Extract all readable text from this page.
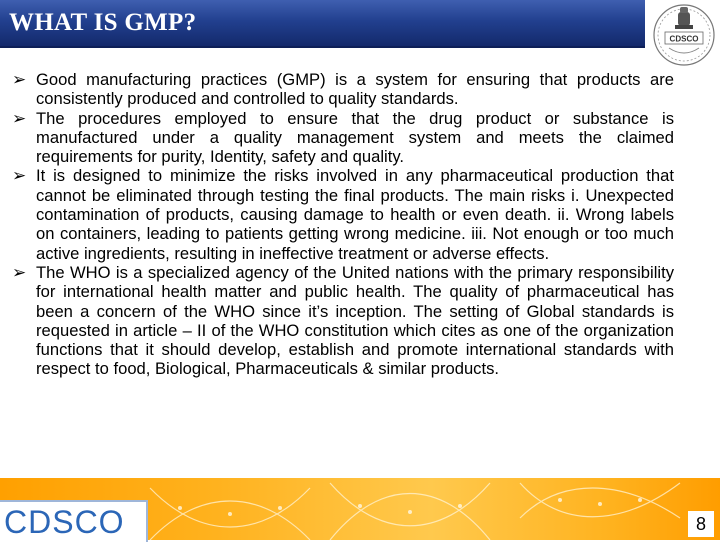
WHAT IS GMP?
CDSCO
➢ Good manufacturing practices (GMP) is a system for ensuring that products are consistently produced and controlled to quality standards.
➢ The procedures employed to ensure that the drug product or substance is manufactured under a quality management system and meets the claimed requirements for purity, Identity, safety and quality.
➢ It is designed to minimize the risks involved in any pharmaceutical production that cannot be eliminated through testing the final products. The main risks i. Unexpected contamination of products, causing damage to health or even death. ii. Wrong labels on containers, leading to patients getting wrong medicine. iii. Not enough or too much active ingredients, resulting in ineffective treatment or adverse effects.
➢ The WHO is a specialized agency of the United nations with the primary responsibility for international health matter and public health. The quality of pharmaceutical has been a concern of the WHO since it’s inception. The setting of Global standards is requested in article – II of the WHO constitution which cites as one of the organization functions that it should develop, establish and promote international standards with respect to food, Biological, Pharmaceuticals & similar products.
CDSCO	8
